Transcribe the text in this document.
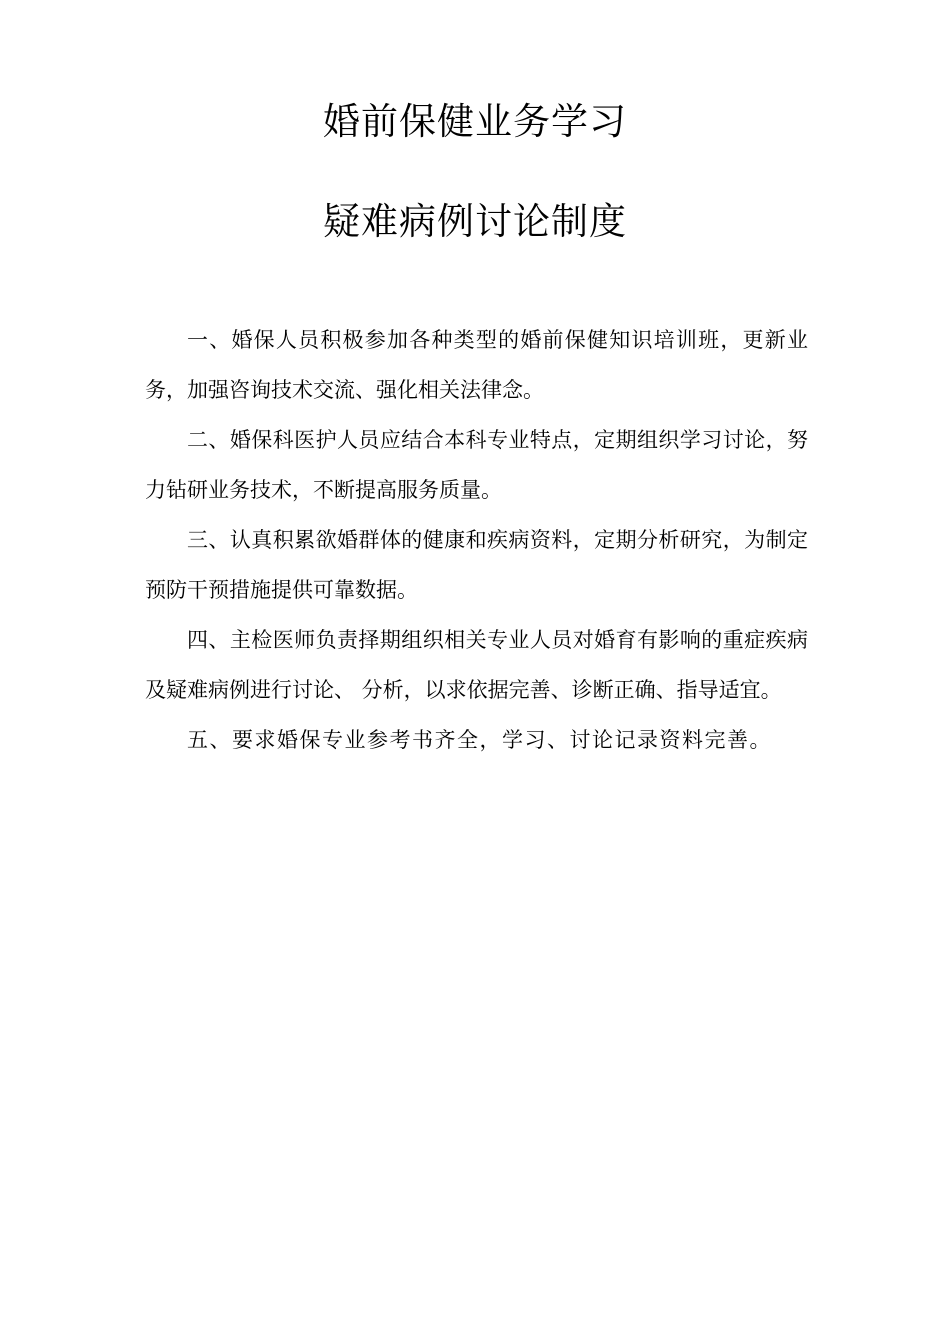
婚前保健业务学习
疑难病例讨论制度

一、婚保人员积极参加各种类型的婚前保健知识培训班，更新业务，加强咨询技术交流、强化相关法律念。

二、婚保科医护人员应结合本科专业特点，定期组织学习讨论，努力钻研业务技术，不断提高服务质量。

三、认真积累欲婚群体的健康和疾病资料，定期分析研究，为制定预防干预措施提供可靠数据。

四、主检医师负责择期组织相关专业人员对婚育有影响的重症疾病及疑难病例进行讨论、 分析，以求依据完善、诊断正确、指导适宜。

五、要求婚保专业参考书齐全，学习、讨论记录资料完善。
